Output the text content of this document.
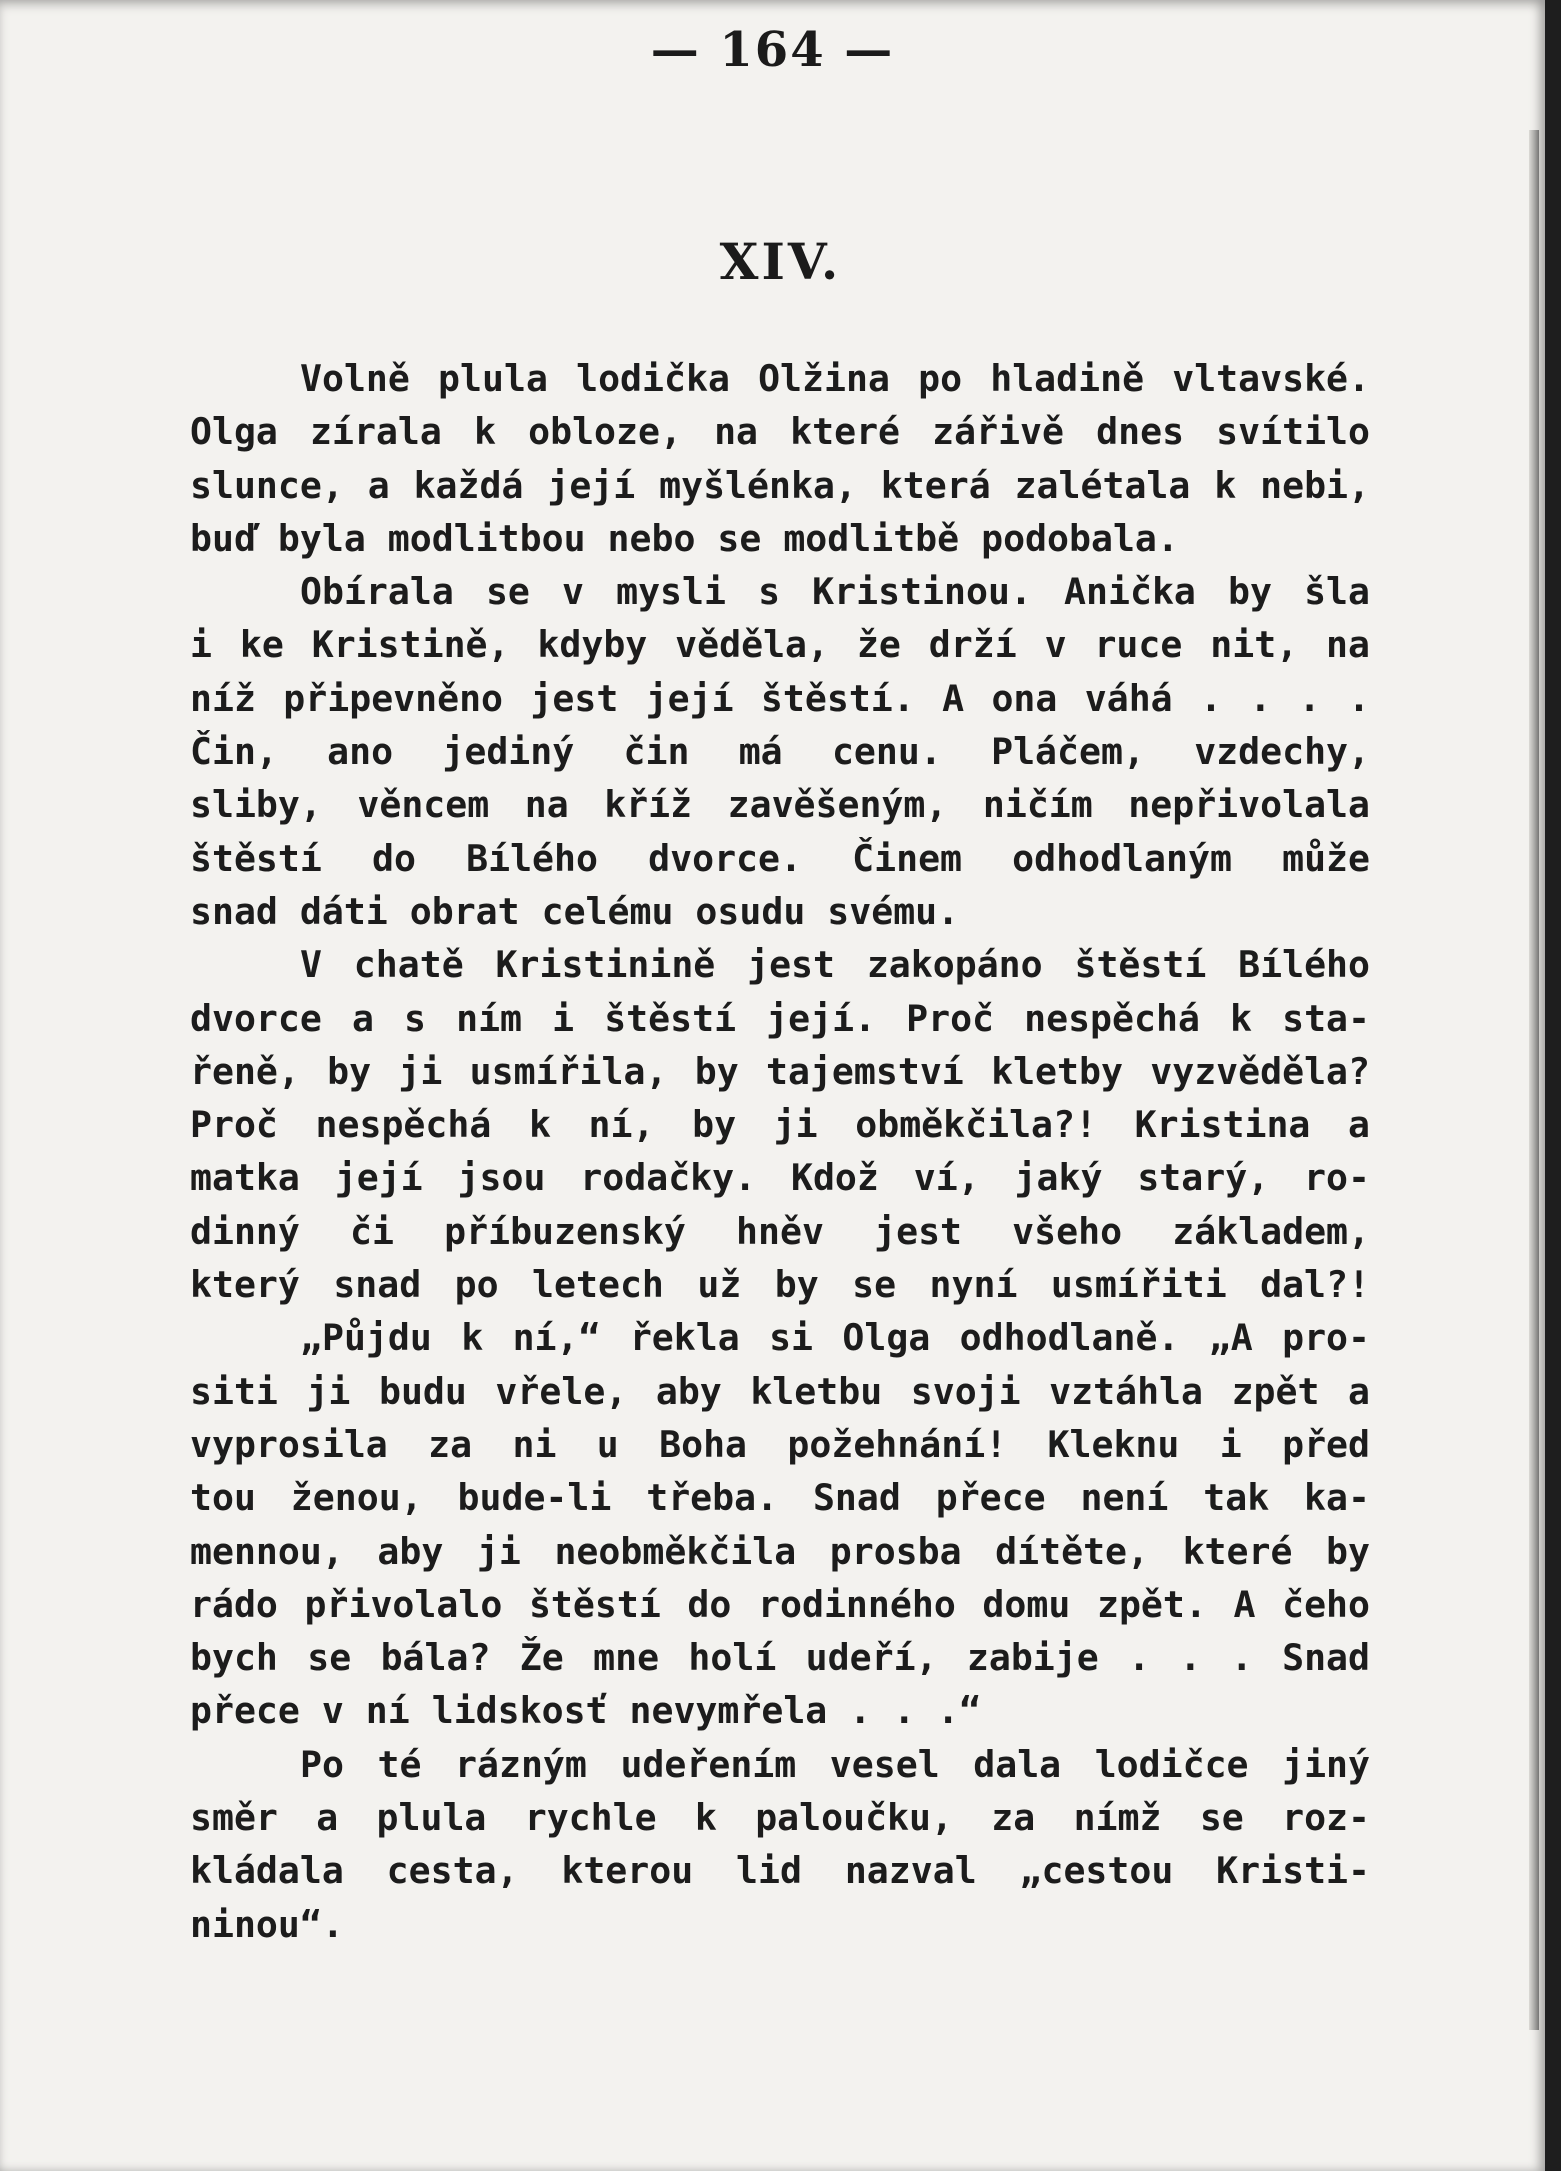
— 164 —
XIV.
Volně plula lodička Olžina po hladině vltavské.
Olga zírala k obloze, na které zářivě dnes svítilo
slunce, a každá její myšlénka, která zalétala k nebi,
buď byla modlitbou nebo se modlitbě podobala.
Obírala se v mysli s Kristinou. Anička by šla
i ke Kristině, kdyby věděla, že drží v ruce nit, na
níž připevněno jest její štěstí. A ona váhá . . . .
Čin, ano jediný čin má cenu. Pláčem, vzdechy,
sliby, věncem na kříž zavěšeným, ničím nepřivolala
štěstí do Bílého dvorce. Činem odhodlaným může
snad dáti obrat celému osudu svému.
V chatě Kristinině jest zakopáno štěstí Bílého
dvorce a s ním i štěstí její. Proč nespěchá k sta-
řeně, by ji usmířila, by tajemství kletby vyzvěděla?
Proč nespěchá k ní, by ji obměkčila?! Kristina a
matka její jsou rodačky. Kdož ví, jaký starý, ro-
dinný či příbuzenský hněv jest všeho základem,
který snad po letech už by se nyní usmířiti dal?!
„Půjdu k ní,“ řekla si Olga odhodlaně. „A pro-
siti ji budu vřele, aby kletbu svoji vztáhla zpět a
vyprosila za ni u Boha požehnání! Kleknu i před
tou ženou, bude-li třeba. Snad přece není tak ka-
mennou, aby ji neobměkčila prosba dítěte, které by
rádo přivolalo štěstí do rodinného domu zpět. A čeho
bych se bála? Že mne holí udeří, zabije . . . Snad
přece v ní lidskosť nevymřela . . .“
Po té rázným udeřením vesel dala lodičce jiný
směr a plula rychle k paloučku, za nímž se roz-
kládala cesta, kterou lid nazval „cestou Kristi-
ninou“.
